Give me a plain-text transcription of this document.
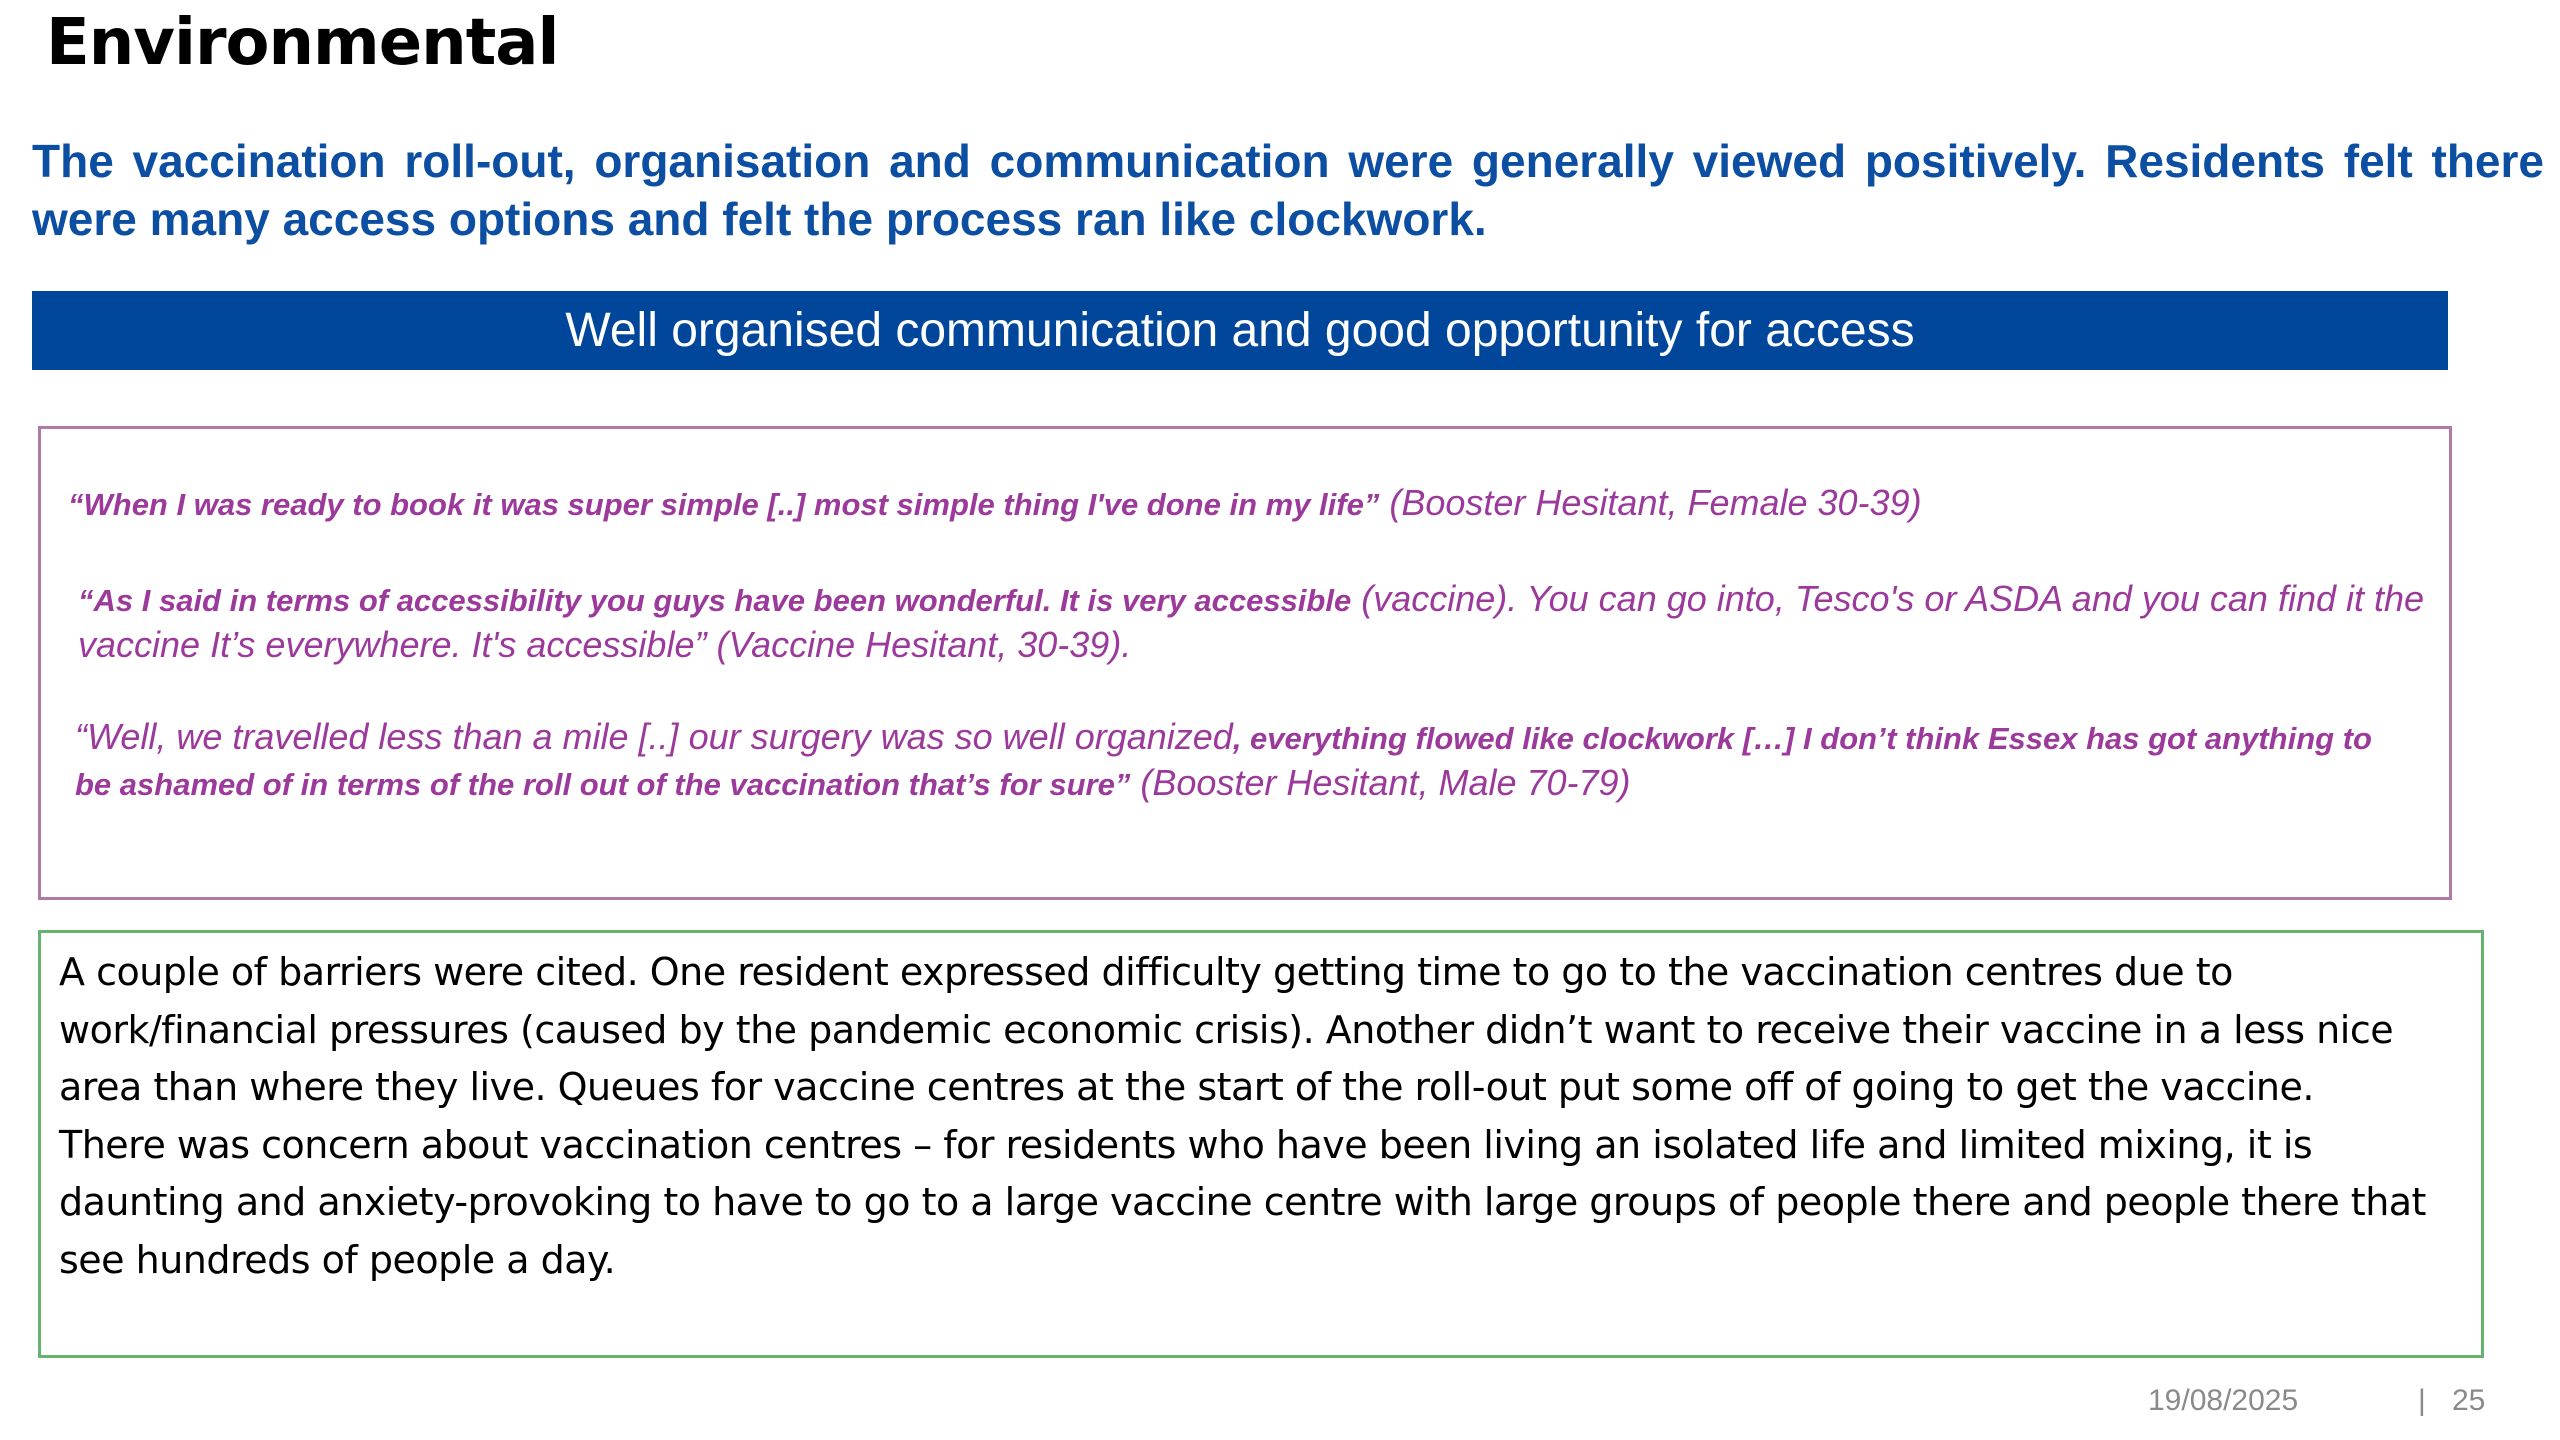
Environmental

The vaccination roll-out, organisation and communication were generally viewed positively. Residents felt there were many access options and felt the process ran like clockwork.

Well organised communication and good opportunity for access

“When I was ready to book it was super simple [..] most simple thing I've done in my life” (Booster Hesitant, Female 30-39)

“As I said in terms of accessibility you guys have been wonderful. It is very accessible (vaccine). You can go into, Tesco's or ASDA and you can find it the vaccine It’s everywhere. It's accessible” (Vaccine Hesitant, 30-39).

“Well, we travelled less than a mile [..] our surgery was so well organized, everything flowed like clockwork […] I don’t think Essex has got anything to be ashamed of in terms of the roll out of the vaccination that’s for sure” (Booster Hesitant, Male 70-79)

A couple of barriers were cited. One resident expressed difficulty getting time to go to the vaccination centres due to work/financial pressures (caused by the pandemic economic crisis). Another didn’t want to receive their vaccine in a less nice area than where they live. Queues for vaccine centres at the start of the roll-out put some off of going to get the vaccine.

There was concern about vaccination centres – for residents who have been living an isolated life and limited mixing, it is daunting and anxiety-provoking to have to go to a large vaccine centre with large groups of people there and people there that see hundreds of people a day.

19/08/2025	| 25
